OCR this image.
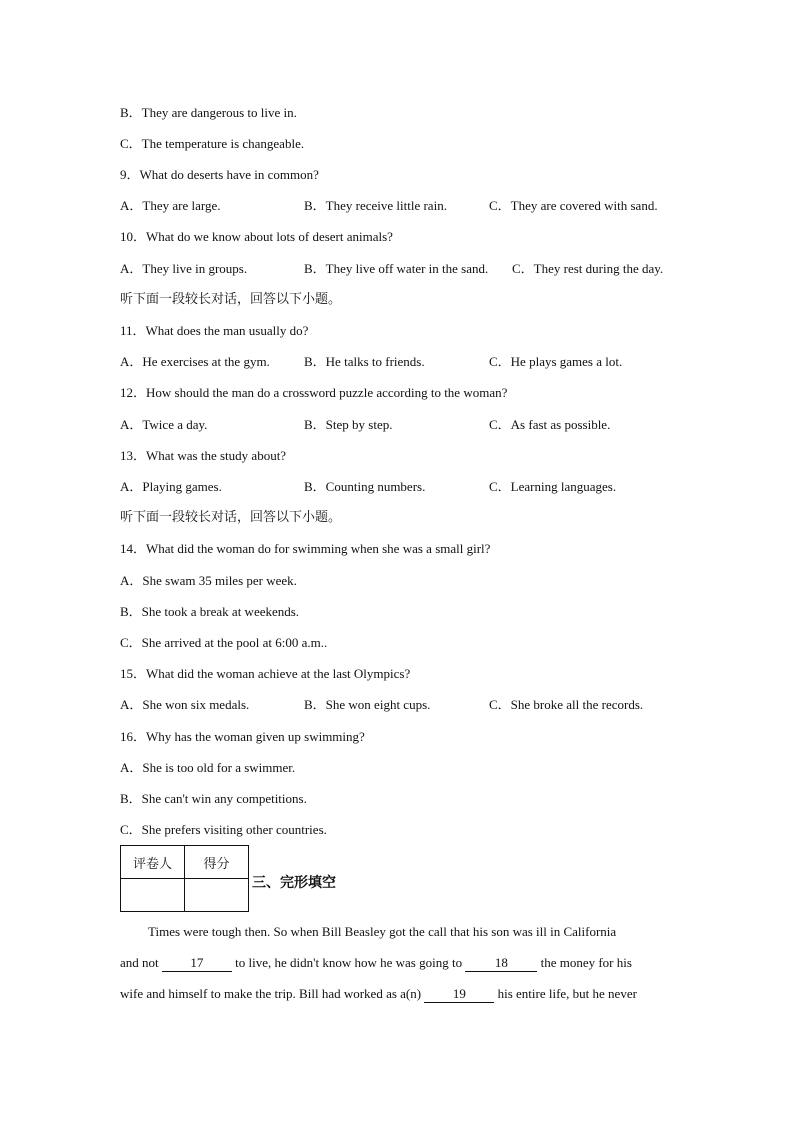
B．They are dangerous to live in.
C．The temperature is changeable.
9．What do deserts have in common?
A．They are large.	B．They receive little rain.	C．They are covered with sand.
10．What do we know about lots of desert animals?
A．They live in groups.	B．They live off water in the sand. C．They rest during the day.
听下面一段较长对话，回答以下小题。
11．What does the man usually do?
A．He exercises at the gym.	B．He talks to friends.	C．He plays games a lot.
12．How should the man do a crossword puzzle according to the woman?
A．Twice a day.	B．Step by step.	C．As fast as possible.
13．What was the study about?
A．Playing games.	B．Counting numbers.	C．Learning languages.
听下面一段较长对话，回答以下小题。
14．What did the woman do for swimming when she was a small girl?
A．She swam 35 miles per week.
B．She took a break at weekends.
C．She arrived at the pool at 6:00 a.m..
15．What did the woman achieve at the last Olympics?
A．She won six medals.	B．She won eight cups.	C．She broke all the records.
16．Why has the woman given up swimming?
A．She is too old for a swimmer.
B．She can't win any competitions.
C．She prefers visiting other countries.
评卷人	得分

三、完形填空
Times were tough then. So when Bill Beasley got the call that his son was ill in California
and not 17 to live, he didn't know how he was going to 18 the money for his
wife and himself to make the trip. Bill had worked as a(n) 19 his entire life, but he never
